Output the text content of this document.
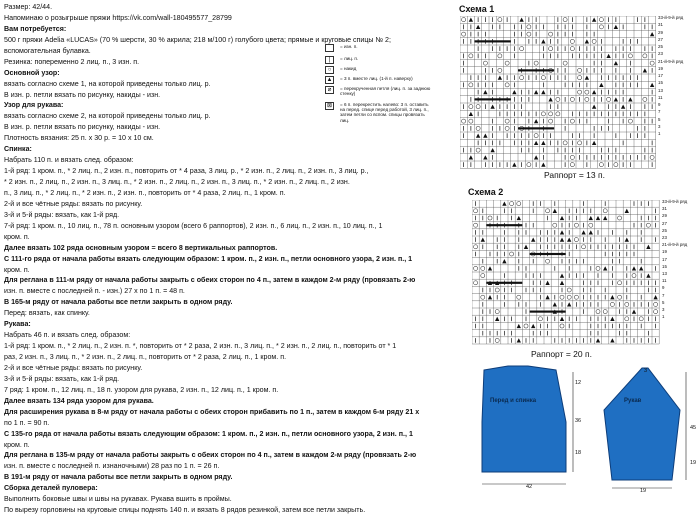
Размер: 42/44.
Напоминаю о розыгрыше пряжи https://vk.com/wall-180495577_28799
Вам потребуется:
500 г пряжи Adelia «LUCAS» (70 % шерсти, 30 % акрила; 218 м/100 г) голубого цвета; прямые и круговые спицы № 2;
вспомогательная булавка.
Резинка: попеременно 2 лиц. п., 3 изн. п.
Основной узор:
вязать согласно схеме 1, на которой приведены только лиц. р.
В изн. р. петли вязать по рисунку, накиды - изн.
Узор для рукава:
вязать согласно схеме 2, на которой приведены только лиц. р.
В изн. р. петли вязать по рисунку, накиды - изн.
Плотность вязания: 25 п. х 30 р. = 10 х 10 см.
Спинка:
Набрать 110 п. и вязать след. образом:
1-й ряд: 1 кром. п., * 2 лиц. п., 2 изн. п., повторить от * 4 раза, 3 лиц. р., * 2 изн. п., 2 лиц. п., 2 изн. п., 3 лиц. р.,
* 2 изн. п., 2 лиц. п., 2 изн. п., 3 лиц. п., * 2 изн. п., 2 лиц. п., 2 изн. п., 3 лиц. п., * 2 изн. п., 2 лиц. п., 2 изн.
п., 3 лиц. п., * 2 лиц. п., * 2 изн. п., 2 изн. п., повторить от * 4 раза, 2 лиц. п., 1 кром. п.
2-й и все чётные ряды: вязать по рисунку.
3-й и 5-й ряды: вязать, как 1-й ряд.
7-й ряд: 1 кром. п., 10 лиц. п., 78 п. основным узором (всего 6 раппортов), 2 изн. п., 6 лиц. п., 2 изн. п., 10 лиц. п., 1
кром. п.
Далее вязать 102 ряда основным узором = всего 8 вертикальных раппортов.
С 111-го ряда от начала работы вязать следующим образом: 1 кром. п., 2 изн. п., петли основного узора, 2 изн. п., 1
кром. п.
Для реглана в 111-м ряду от начала работы закрыть с обеих сторон по 4 п., затем в каждом 2-м ряду (провязать 2-ю
изн. п. вместе с последней п. - изн.) 27 х по 1 п. = 48 п.
В 165-м ряду от начала работы все петли закрыть в одном ряду.
Перед: вязать, как спинку.
Рукава:
Набрать 46 п. и вязать след. образом:
1-й ряд: 1 кром. п., * 2 лиц. п., 2 изн. п. *, повторить от * 2 раза, 2 изн. п., 3 лиц. п., * 2 изн. п., 2 лиц. п., повторить от * 1
раз, 2 изн. п., 3 лиц. п., * 2 изн. п., 2 лиц. п., повторить от * 2 раза, 2 лиц. п., 1 кром. п.
2-й и все чётные ряды: вязать по рисунку.
3-й и 5-й ряды: вязать, как 1-й ряд.
7 ряд: 1 кром. п., 12 лиц. п., 18 п. узором для рукава, 2 изн. п., 12 лиц. п., 1 кром. п.
Далее вязать 134 ряда узором для рукава.
Для расширения рукава в 8-м ряду от начала работы с обеих сторон прибавить по 1 п., затем в каждом 6-м ряду 21 х
по 1 п. = 90 п.
С 135-го ряда от начала работы вязать следующим образом: 1 кром. п., 2 изн. п., петли основного узора, 2 изн. п., 1
кром. п.
Для реглана в 135-м ряду от начала работы закрыть с обеих сторон по 4 п., затем в каждом 2-м ряду (провязать 2-ю
изн. п. вместе с последней п. изнаночными) 28 раз по 1 п. = 26 п.
В 191-м ряду от начала работы все петли закрыть в одном ряду.
Сборка деталей пуловера:
Выполнить боковые швы и швы на рукавах. Рукава вшить в проймы.
По вырезу горловины на круговые спицы поднять 140 п. и вязать 8 рядов резинкой, затем все петли закрыть.
= изн. п.
|	= лиц. п.
○	= накид
▲	= 3 п. вместе лиц. (1-й п. наверху)
⌀	= перекрученная петля (лиц. п. за заднюю стенку)
⊠	= 6 п. перекрестить налево: 3 п. оставить на перед. спице перед работой, 3 лиц. п., затем петли со вспом. спицы провязать лиц.
Схема 1
33-й-9-й ряд
31
29
27
25
23
21-й-9-й ряд
19
17
15
13
11
9
7
5
3
1
Раппорт = 13 п.
Схема 2
33-й-9-й ряд
31
29
27
25
23
21-й-9-й ряд
19
17
15
13
11
9
7
5
3
1
Раппорт = 20 п.
Перед и спинка
42
36
12
18
Рукав
3
19
45
19
